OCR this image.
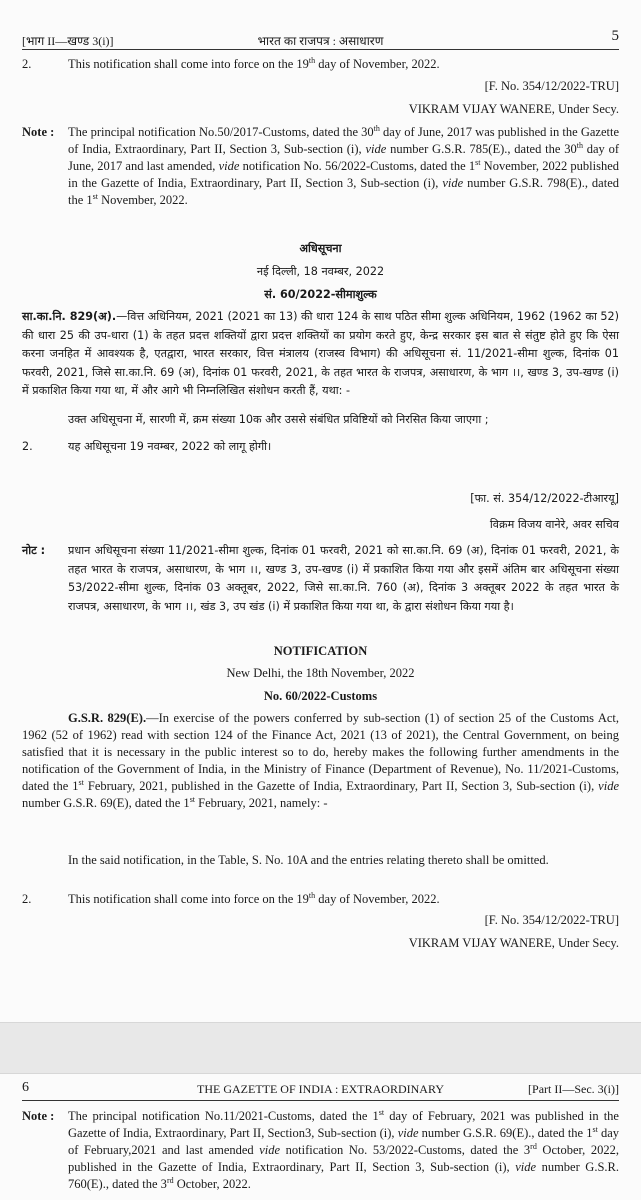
[भाग II—खण्ड 3(i)]	भारत का राजपत्र : असाधारण	5
2.	This notification shall come into force on the 19th day of November, 2022.
[F. No. 354/12/2022-TRU]
VIKRAM VIJAY WANERE, Under Secy.
Note : The principal notification No.50/2017-Customs, dated the 30th day of June, 2017 was published in the Gazette of India, Extraordinary, Part II, Section 3, Sub-section (i), vide number G.S.R. 785(E)., dated the 30th day of June, 2017 and last amended, vide notification No. 56/2022-Customs, dated the 1st November, 2022 published in the Gazette of India, Extraordinary, Part II, Section 3, Sub-section (i), vide number G.S.R. 798(E)., dated the 1st November, 2022.
अधिसूचना
नई दिल्ली, 18 नवम्बर, 2022
सं. 60/2022-सीमाशुल्क
सा.का.नि. 829(अ).—वित्त अधिनियम, 2021 (2021 का 13) की धारा 124 के साथ पठित सीमा शुल्क अधिनियम, 1962 (1962 का 52) की धारा 25 की उप-धारा (1) के तहत प्रदत्त शक्तियों द्वारा प्रदत्त शक्तियों का प्रयोग करते हुए, केन्द्र सरकार इस बात से संतुष्ट होते हुए कि ऐसा करना जनहित में आवश्यक है, एतद्वारा, भारत सरकार, वित्त मंत्रालय (राजस्व विभाग) की अधिसूचना सं. 11/2021-सीमा शुल्क, दिनांक 01 फरवरी, 2021, जिसे सा.का.नि. 69 (अ), दिनांक 01 फरवरी, 2021, के तहत भारत के राजपत्र, असाधारण, के भाग ।।, खण्ड 3, उप-खण्ड (i) में प्रकाशित किया गया था, में और आगे भी निम्नलिखित संशोधन करती हैं, यथा: -
उक्त अधिसूचना में, सारणी में, क्रम संख्या 10क और उससे संबंधित प्रविष्टियों को निरसित किया जाएगा ;
2.	यह अधिसूचना 19 नवम्बर, 2022 को लागू होगी।
[फा. सं. 354/12/2022-टीआरयू]
विक्रम विजय वानेरे, अवर सचिव
नोट : प्रधान अधिसूचना संख्या 11/2021-सीमा शुल्क, दिनांक 01 फरवरी, 2021 को सा.का.नि. 69 (अ), दिनांक 01 फरवरी, 2021, के तहत भारत के राजपत्र, असाधारण, के भाग ।।, खण्ड 3, उप-खण्ड (i) में प्रकाशित किया गया और इसमें अंतिम बार अधिसूचना संख्या 53/2022-सीमा शुल्क, दिनांक 03 अक्तूबर, 2022, जिसे सा.का.नि. 760 (अ), दिनांक 3 अक्तूबर 2022 के तहत भारत के राजपत्र, असाधारण, के भाग ।।, खंड 3, उप खंड (i) में प्रकाशित किया गया था, के द्वारा संशोधन किया गया है।
NOTIFICATION
New Delhi, the 18th November, 2022
No. 60/2022-Customs
G.S.R. 829(E).—In exercise of the powers conferred by sub-section (1) of section 25 of the Customs Act, 1962 (52 of 1962) read with section 124 of the Finance Act, 2021 (13 of 2021), the Central Government, on being satisfied that it is necessary in the public interest so to do, hereby makes the following further amendments in the notification of the Government of India, in the Ministry of Finance (Department of Revenue), No. 11/2021-Customs, dated the 1st February, 2021, published in the Gazette of India, Extraordinary, Part II, Section 3, Sub-section (i), vide number G.S.R. 69(E), dated the 1st February, 2021, namely: -
In the said notification, in the Table, S. No. 10A and the entries relating thereto shall be omitted.
2.	This notification shall come into force on the 19th day of November, 2022.
[F. No. 354/12/2022-TRU]
VIKRAM VIJAY WANERE, Under Secy.
6	THE GAZETTE OF INDIA : EXTRAORDINARY	[Part II—Sec. 3(i)]
Note : The principal notification No.11/2021-Customs, dated the 1st day of February, 2021 was published in the Gazette of India, Extraordinary, Part II, Section3, Sub-section (i), vide number G.S.R. 69(E)., dated the 1st day of February,2021 and last amended vide notification No. 53/2022-Customs, dated the 3rd October, 2022, published in the Gazette of India, Extraordinary, Part II, Section 3, Sub-section (i), vide number G.S.R. 760(E)., dated the 3rd October, 2022.
